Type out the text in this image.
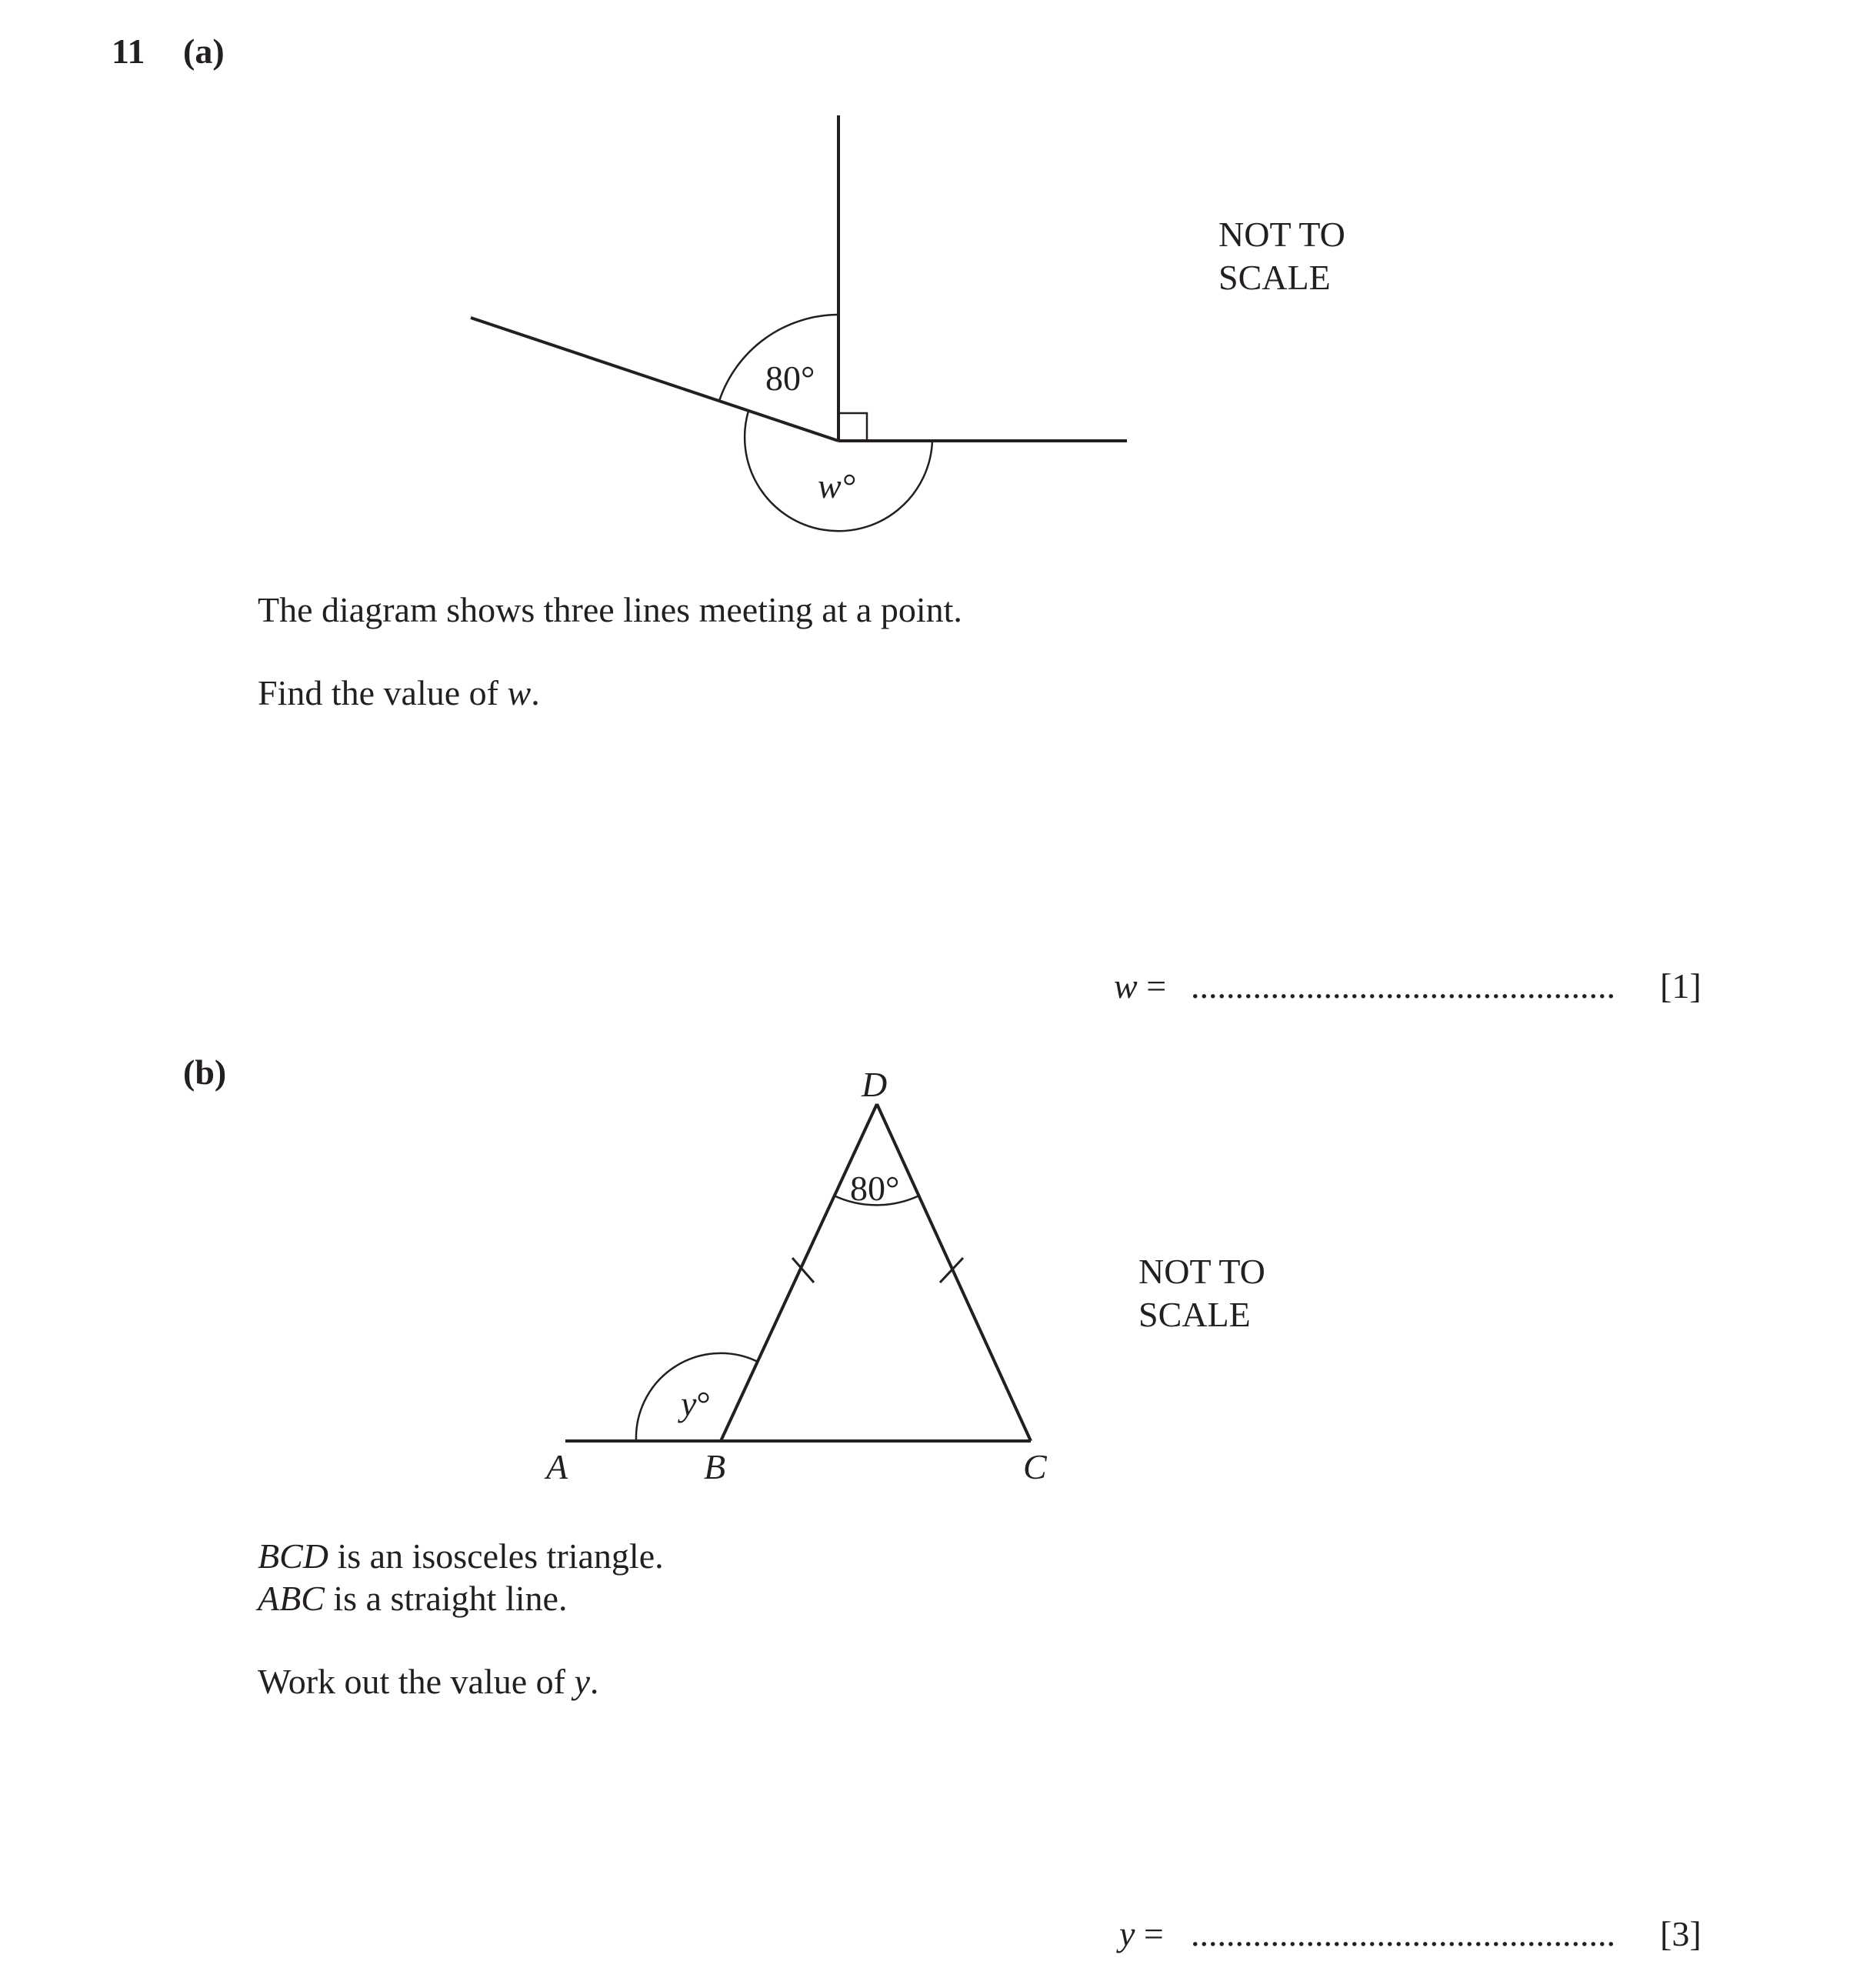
11 (a)
80°
w°
D
80°
y°
A	B	C
NOT TO
SCALE
The diagram shows three lines meeting at a point.
Find the value of w.
w = ................................................	[1]
(b)
NOT TO
SCALE
BCD is an isosceles triangle.
ABC is a straight line.
Work out the value of y.
y = ................................................	[3]
